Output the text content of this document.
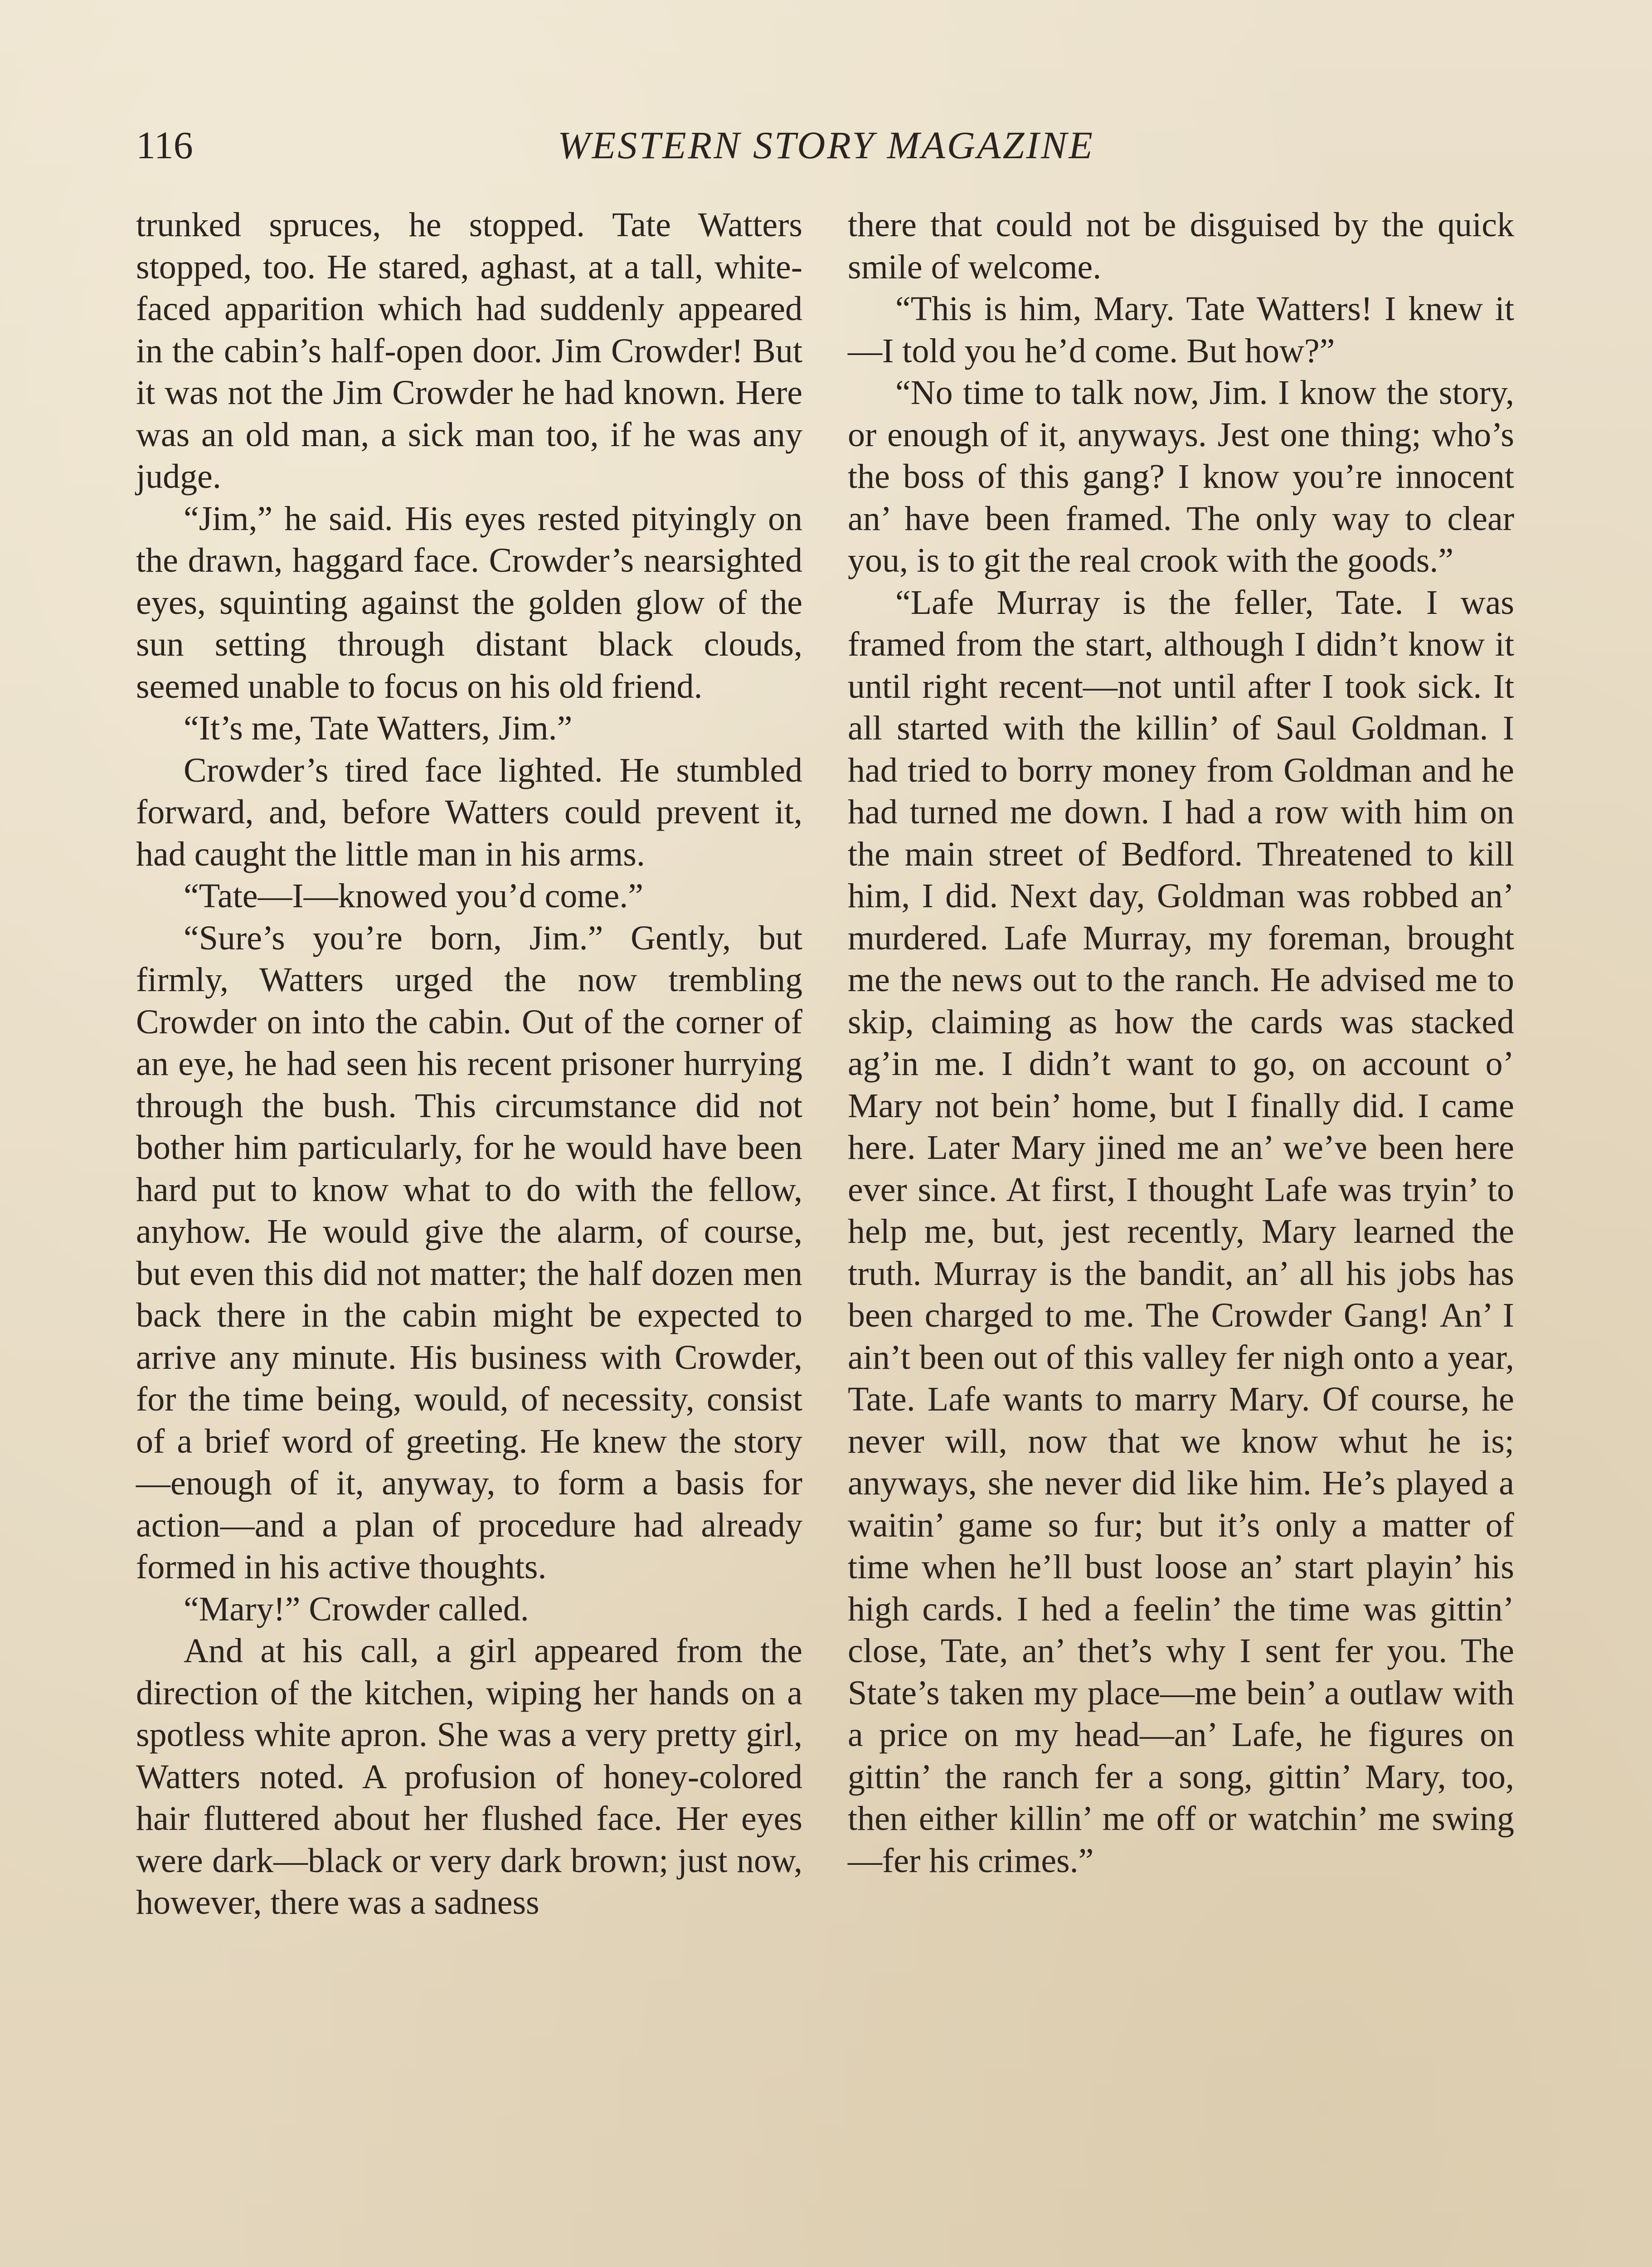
116	WESTERN STORY MAGAZINE

trunked spruces, he stopped. Tate Watters stopped, too. He stared, aghast, at a tall, white-faced apparition which had suddenly appeared in the cabin’s half-open door. Jim Crowder! But it was not the Jim Crowder he had known. Here was an old man, a sick man too, if he was any judge.

“Jim,” he said. His eyes rested pityingly on the drawn, haggard face. Crowder’s nearsighted eyes, squinting against the golden glow of the sun setting through distant black clouds, seemed unable to focus on his old friend.

“It’s me, Tate Watters, Jim.”

Crowder’s tired face lighted. He stumbled forward, and, before Watters could prevent it, had caught the little man in his arms.

“Tate—I—knowed you’d come.”

“Sure’s you’re born, Jim.” Gently, but firmly, Watters urged the now trembling Crowder on into the cabin. Out of the corner of an eye, he had seen his recent prisoner hurrying through the bush. This circumstance did not bother him particularly, for he would have been hard put to know what to do with the fellow, anyhow. He would give the alarm, of course, but even this did not matter; the half dozen men back there in the cabin might be expected to arrive any minute. His business with Crowder, for the time being, would, of necessity, consist of a brief word of greeting. He knew the story—enough of it, anyway, to form a basis for action—and a plan of procedure had already formed in his active thoughts.

“Mary!” Crowder called.

And at his call, a girl appeared from the direction of the kitchen, wiping her hands on a spotless white apron. She was a very pretty girl, Watters noted. A profusion of honey-colored hair fluttered about her flushed face. Her eyes were dark—black or very dark brown; just now, however, there was a sadness

there that could not be disguised by the quick smile of welcome.

“This is him, Mary. Tate Watters! I knew it—I told you he’d come. But how?”

“No time to talk now, Jim. I know the story, or enough of it, anyways. Jest one thing; who’s the boss of this gang? I know you’re innocent an’ have been framed. The only way to clear you, is to git the real crook with the goods.”

“Lafe Murray is the feller, Tate. I was framed from the start, although I didn’t know it until right recent—not until after I took sick. It all started with the killin’ of Saul Goldman. I had tried to borry money from Goldman and he had turned me down. I had a row with him on the main street of Bedford. Threatened to kill him, I did. Next day, Goldman was robbed an’ murdered. Lafe Murray, my foreman, brought me the news out to the ranch. He advised me to skip, claiming as how the cards was stacked ag’in me. I didn’t want to go, on account o’ Mary not bein’ home, but I finally did. I came here. Later Mary jined me an’ we’ve been here ever since. At first, I thought Lafe was tryin’ to help me, but, jest recently, Mary learned the truth. Murray is the bandit, an’ all his jobs has been charged to me. The Crowder Gang! An’ I ain’t been out of this valley fer nigh onto a year, Tate. Lafe wants to marry Mary. Of course, he never will, now that we know whut he is; anyways, she never did like him. He’s played a waitin’ game so fur; but it’s only a matter of time when he’ll bust loose an’ start playin’ his high cards. I hed a feelin’ the time was gittin’ close, Tate, an’ thet’s why I sent fer you. The State’s taken my place—me bein’ a outlaw with a price on my head—an’ Lafe, he figures on gittin’ the ranch fer a song, gittin’ Mary, too, then either killin’ me off or watchin’ me swing—fer his crimes.”
